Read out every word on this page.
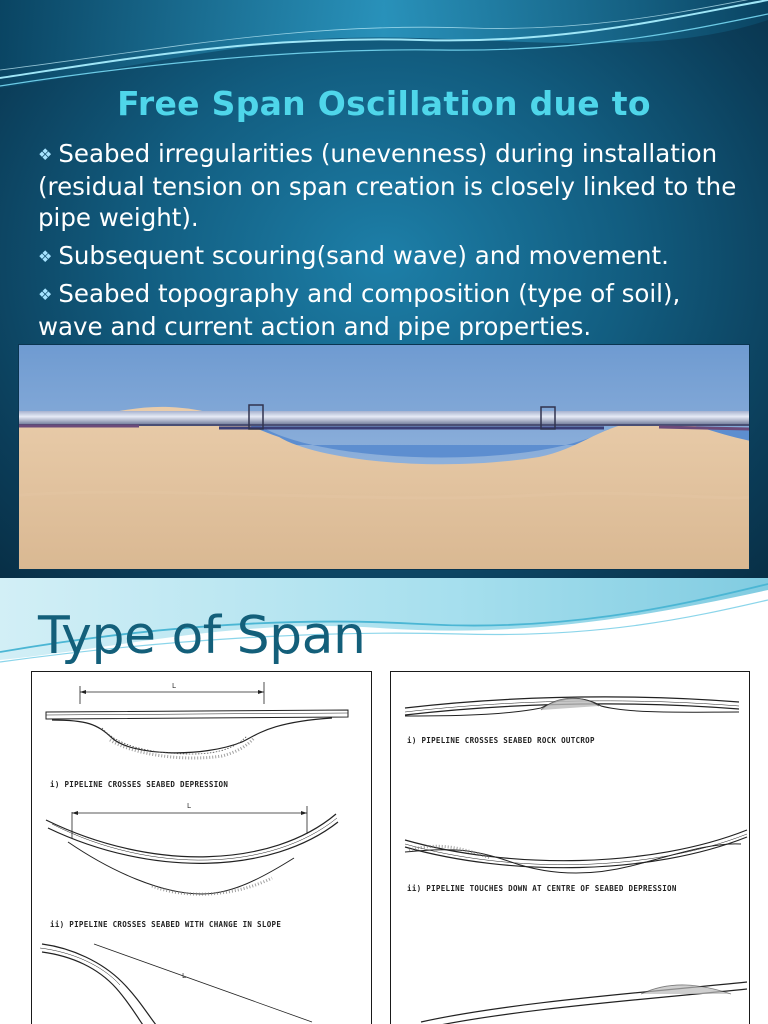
Free Span Oscillation due to
❖ Seabed irregularities (unevenness) during installation (residual tension on span creation is closely linked to the pipe weight).
❖ Subsequent scouring(sand wave) and movement.
❖ Seabed topography and composition (type of soil), wave and current action and pipe properties.
Type of Span
L
i) PIPELINE CROSSES SEABED DEPRESSION
L
ii) PIPELINE CROSSES SEABED WITH CHANGE IN SLOPE
L
i) PIPELINE CROSSES SEABED ROCK OUTCROP
ii) PIPELINE TOUCHES DOWN AT CENTRE OF SEABED DEPRESSION
